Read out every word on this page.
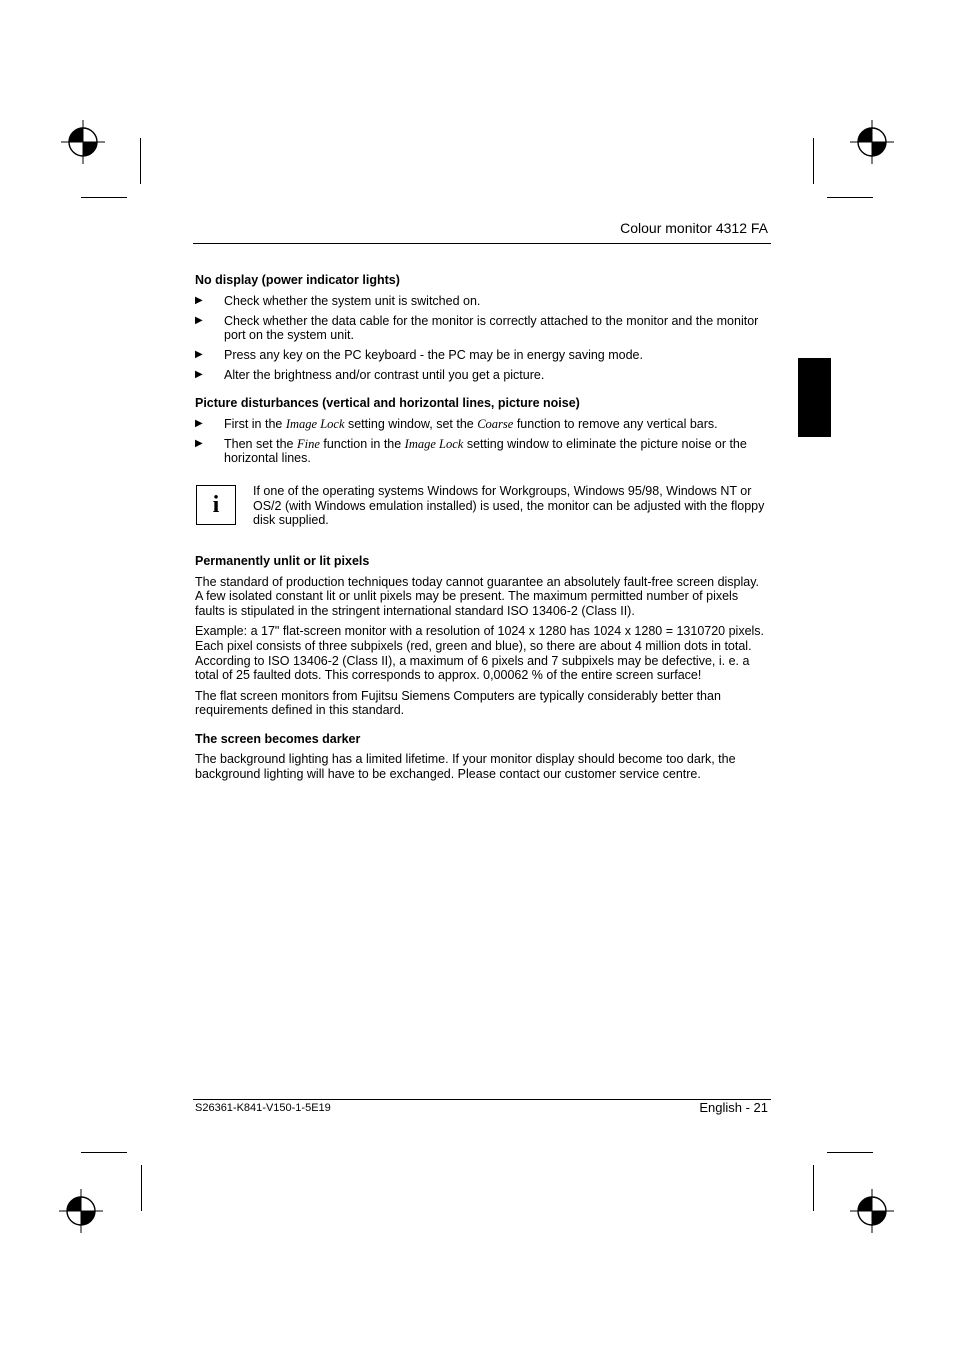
Colour monitor 4312 FA
No display (power indicator lights)
▶ Check whether the system unit is switched on.
▶ Check whether the data cable for the monitor is correctly attached to the monitor and the monitor port on the system unit.
▶ Press any key on the PC keyboard - the PC may be in energy saving mode.
▶ Alter the brightness and/or contrast until you get a picture.
Picture disturbances (vertical and horizontal lines, picture noise)
▶ First in the Image Lock setting window, set the Coarse function to remove any vertical bars.
▶ Then set the Fine function in the Image Lock setting window to eliminate the picture noise or the horizontal lines.
i
If one of the operating systems Windows for Workgroups, Windows 95/98, Windows NT or OS/2 (with Windows emulation installed) is used, the monitor can be adjusted with the floppy disk supplied.
Permanently unlit or lit pixels

The standard of production techniques today cannot guarantee an absolutely fault-free screen display. A few isolated constant lit or unlit pixels may be present. The maximum permitted number of pixels faults is stipulated in the stringent international standard ISO 13406-2 (Class II).

Example: a 17" flat-screen monitor with a resolution of 1024 x 1280 has 1024 x 1280 = 1310720 pixels. Each pixel consists of three subpixels (red, green and blue), so there are about 4 million dots in total.

According to ISO 13406-2 (Class II), a maximum of 6 pixels and 7 subpixels may be defective, i. e. a total of 25 faulted dots. This corresponds to approx. 0,00062 % of the entire screen surface!

The flat screen monitors from Fujitsu Siemens Computers are typically considerably better than requirements defined in this standard.

The screen becomes darker

The background lighting has a limited lifetime. If your monitor display should become too dark, the background lighting will have to be exchanged. Please contact our customer service centre.

S26361-K841-V150-1-5E19	English - 21
